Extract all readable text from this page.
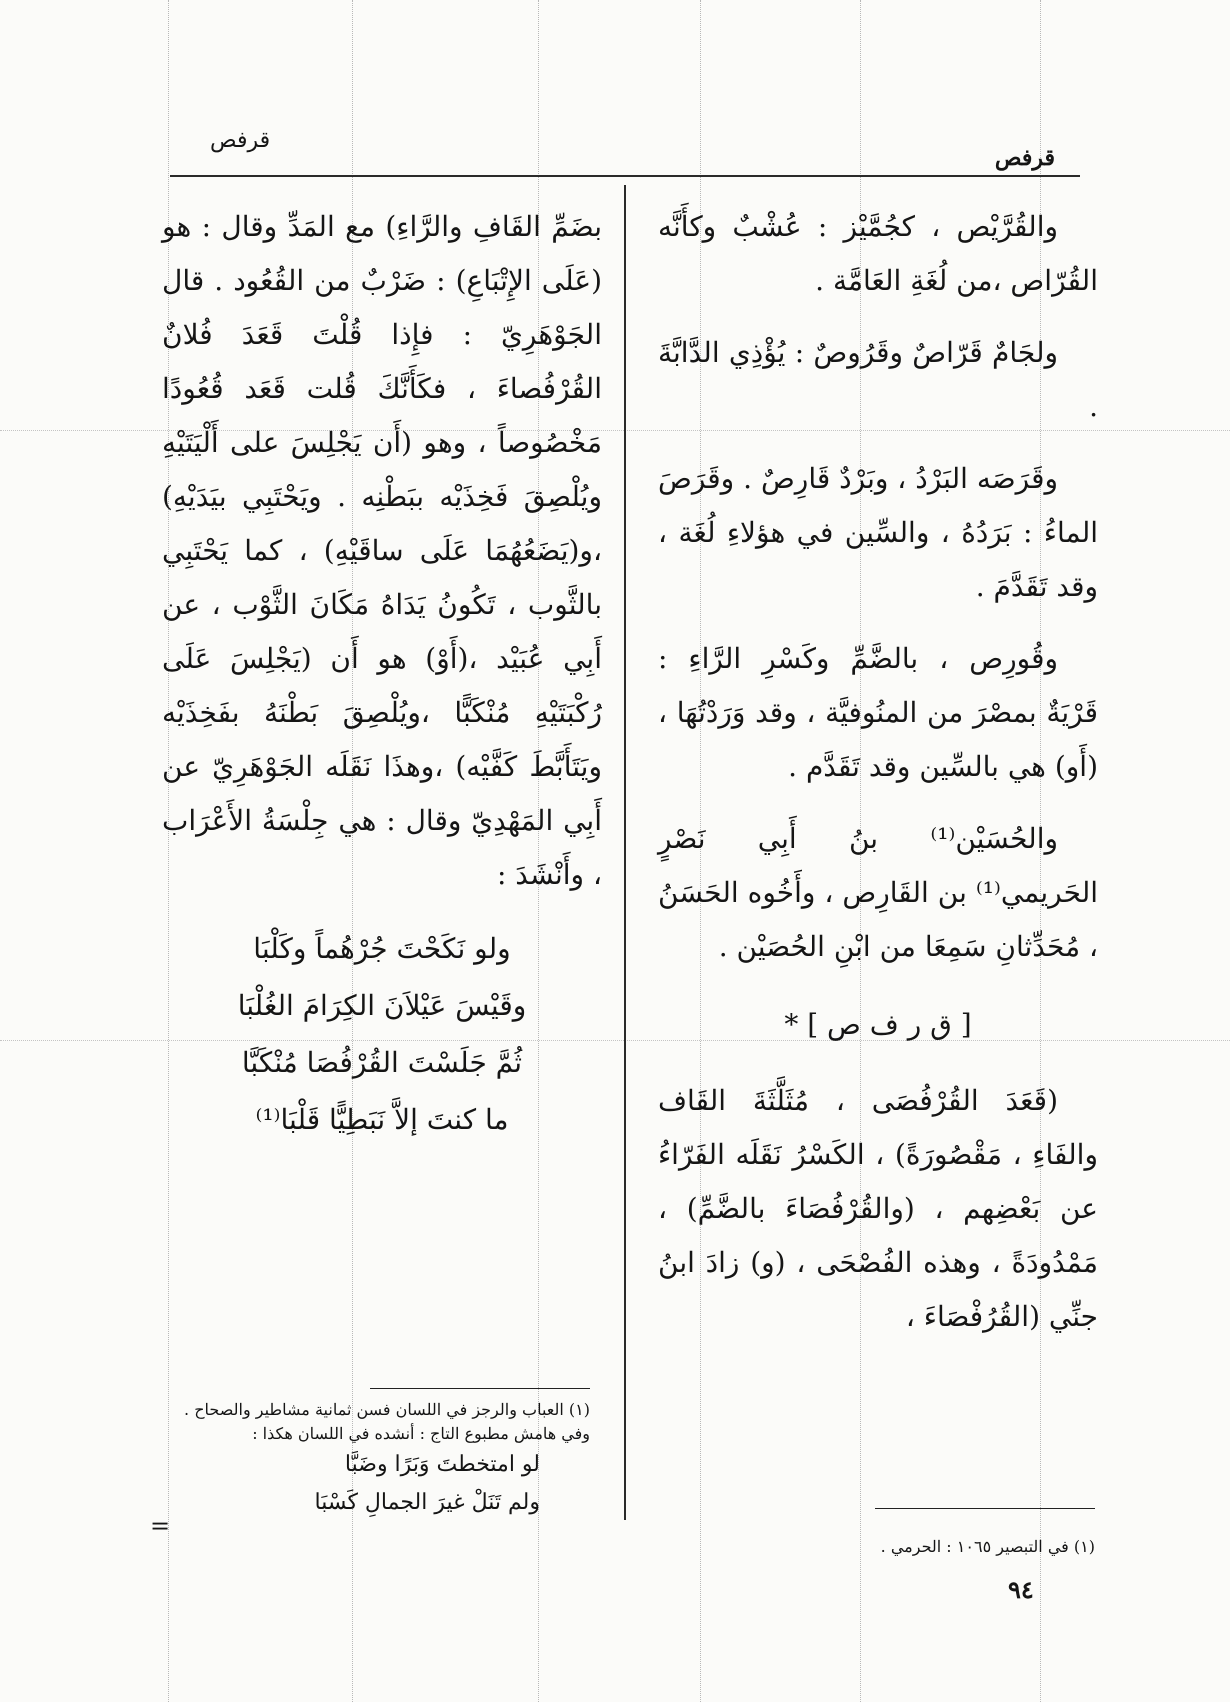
قرفص
قرفص

والقُرَّيْص ، كجُمَّيْز : عُشْبٌ وكأَنَّه القُرّاص ،من لُغَةِ العَامَّة .

ولجَامٌ قَرّاصٌ وقَرُوصٌ : يُؤْذِي الدَّابَّةَ .

وقَرَصَه البَرْدُ ، وبَرْدٌ قَارِصٌ . وقَرَصَ الماءُ : بَرَدُهُ ، والسِّين في هؤلاءِ لُغَة ، وقد تَقَدَّمَ .

وقُورِص ، بالضَّمِّ وكَسْرِ الرَّاءِ : قَرْيَةٌ بمصْرَ من المنُوفيَّة ، وقد وَرَدْتُهَا ، (أَو) هي بالسِّين وقد تَقَدَّم .

والحُسَيْن⁽¹⁾ بنُ أَبِي نَصْرٍ الحَريمي⁽¹⁾ بن القَارِص ، وأَخُوه الحَسَنُ ، مُحَدِّثانِ سَمِعَا من ابْنِ الحُصَيْن .

[ ق ر ف ص ] *

(قَعَدَ القُرْفُصَى ، مُثَلَّثَةَ القَاف والفَاءِ ، مَقْصُورَةً) ، الكَسْرُ نَقَلَه الفَرّاءُ عن بَعْضِهم ، (والقُرْفُصَاءَ بالضَّمِّ) ، مَمْدُودَةً ، وهذه الفُصْحَى ، (و) زادَ ابنُ جنِّي (القُرُفْصَاءَ ،

بضَمِّ القَافِ والرَّاءِ) مع المَدِّ وقال : هو (عَلَى الإِتْبَاعِ) : ضَرْبٌ من القُعُود . قال الجَوْهَرِيّ : فإِذا قُلْتَ قَعَدَ فُلانٌ القُرْفُصاءَ ، فكَأَنَّكَ قُلت قَعَد قُعُودًا مَخْصُوصاً ، وهو (أَن يَجْلِسَ على أَلْيَتَيْهِ ويُلْصِقَ فَخِذَيْه ببَطْنِه . ويَحْتَبِي بيَدَيْهِ) ،و(يَضَعُهُمَا عَلَى ساقَيْهِ) ، كما يَحْتَبِي بالثَّوب ، تَكُونُ يَدَاهُ مَكَانَ الثَّوْب ، عن أَبِي عُبَيْد ،(أَوْ) هو أَن (يَجْلِسَ عَلَى رُكْبَتَيْهِ مُنْكَبًّا ،ويُلْصِقَ بَطْنَهُ بفَخِذَيْه ويَتَأَبَّطَ كَفَّيْه) ،وهذَا نَقَلَه الجَوْهَرِيّ عن أَبِي المَهْدِيّ وقال : هي جِلْسَةُ الأَعْرَاب ، وأَنْشَدَ :

ولو نَكَحْتَ جُرْهُماً وكَلْبَا
وقَيْسَ عَيْلاَنَ الكِرَامَ الغُلْبَا
ثُمَّ جَلَسْتَ القُرْفُصَا مُنْكَبَّا
ما كنتَ إلاَّ نَبَطِيًّا قَلْبَا⁽¹⁾
(١) العباب والرجز في اللسان فسن ثمانية مشاطير والصحاح .
وفي هامش مطبوع التاج : أنشده في اللسان هكذا :
لو امتخطتَ وَبَرًا وضَبَّا
ولم تَنَلْ غيرَ الجمالِ كَسْبَا
=
(١) في التبصير ١٠٦٥ : الحرمي .
٩٤
